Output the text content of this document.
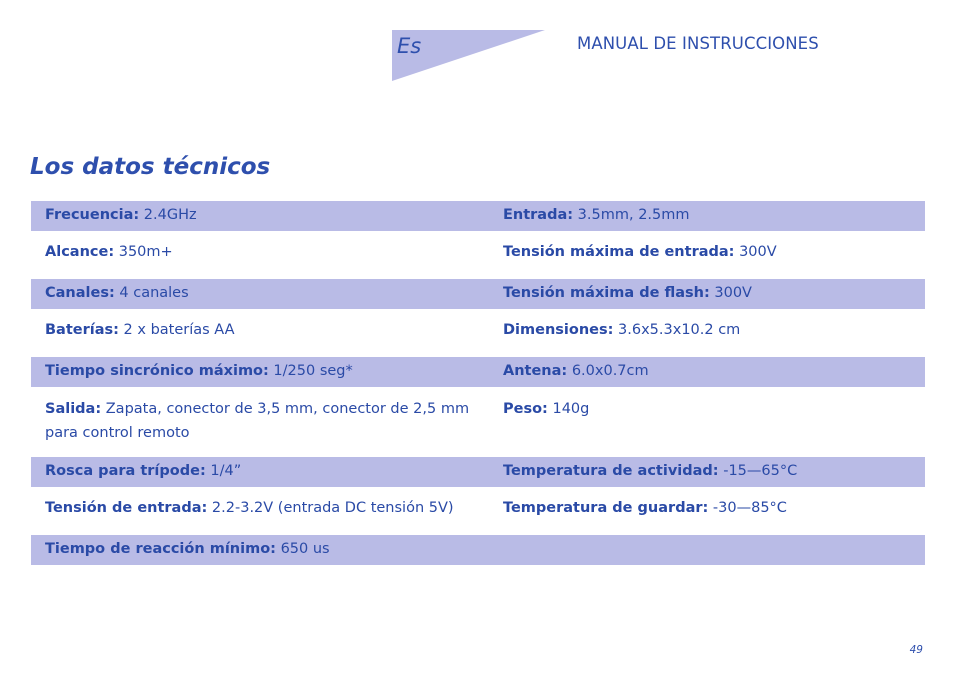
Es	MANUAL DE INSTRUCCIONES
Los datos técnicos
Frecuencia: 2.4GHz	Entrada: 3.5mm, 2.5mm

Alcance: 350m+	Tensión máxima de entrada: 300V

Canales: 4 canales	Tensión máxima de flash: 300V

Baterías: 2 x baterías AA	Dimensiones: 3.6x5.3x10.2 cm

Tiempo sincrónico máximo: 1/250 seg*	Antena: 6.0x0.7cm

Salida: Zapata, conector de 3,5 mm, conector de 2,5 mm para control remoto	Peso: 140g

Rosca para trípode: 1/4”	Temperatura de actividad: -15—65°C

Tensión de entrada: 2.2-3.2V (entrada DC tensión 5V)	Temperatura de guardar: -30—85°C

Tiempo de reacción mínimo: 650 us	

49
